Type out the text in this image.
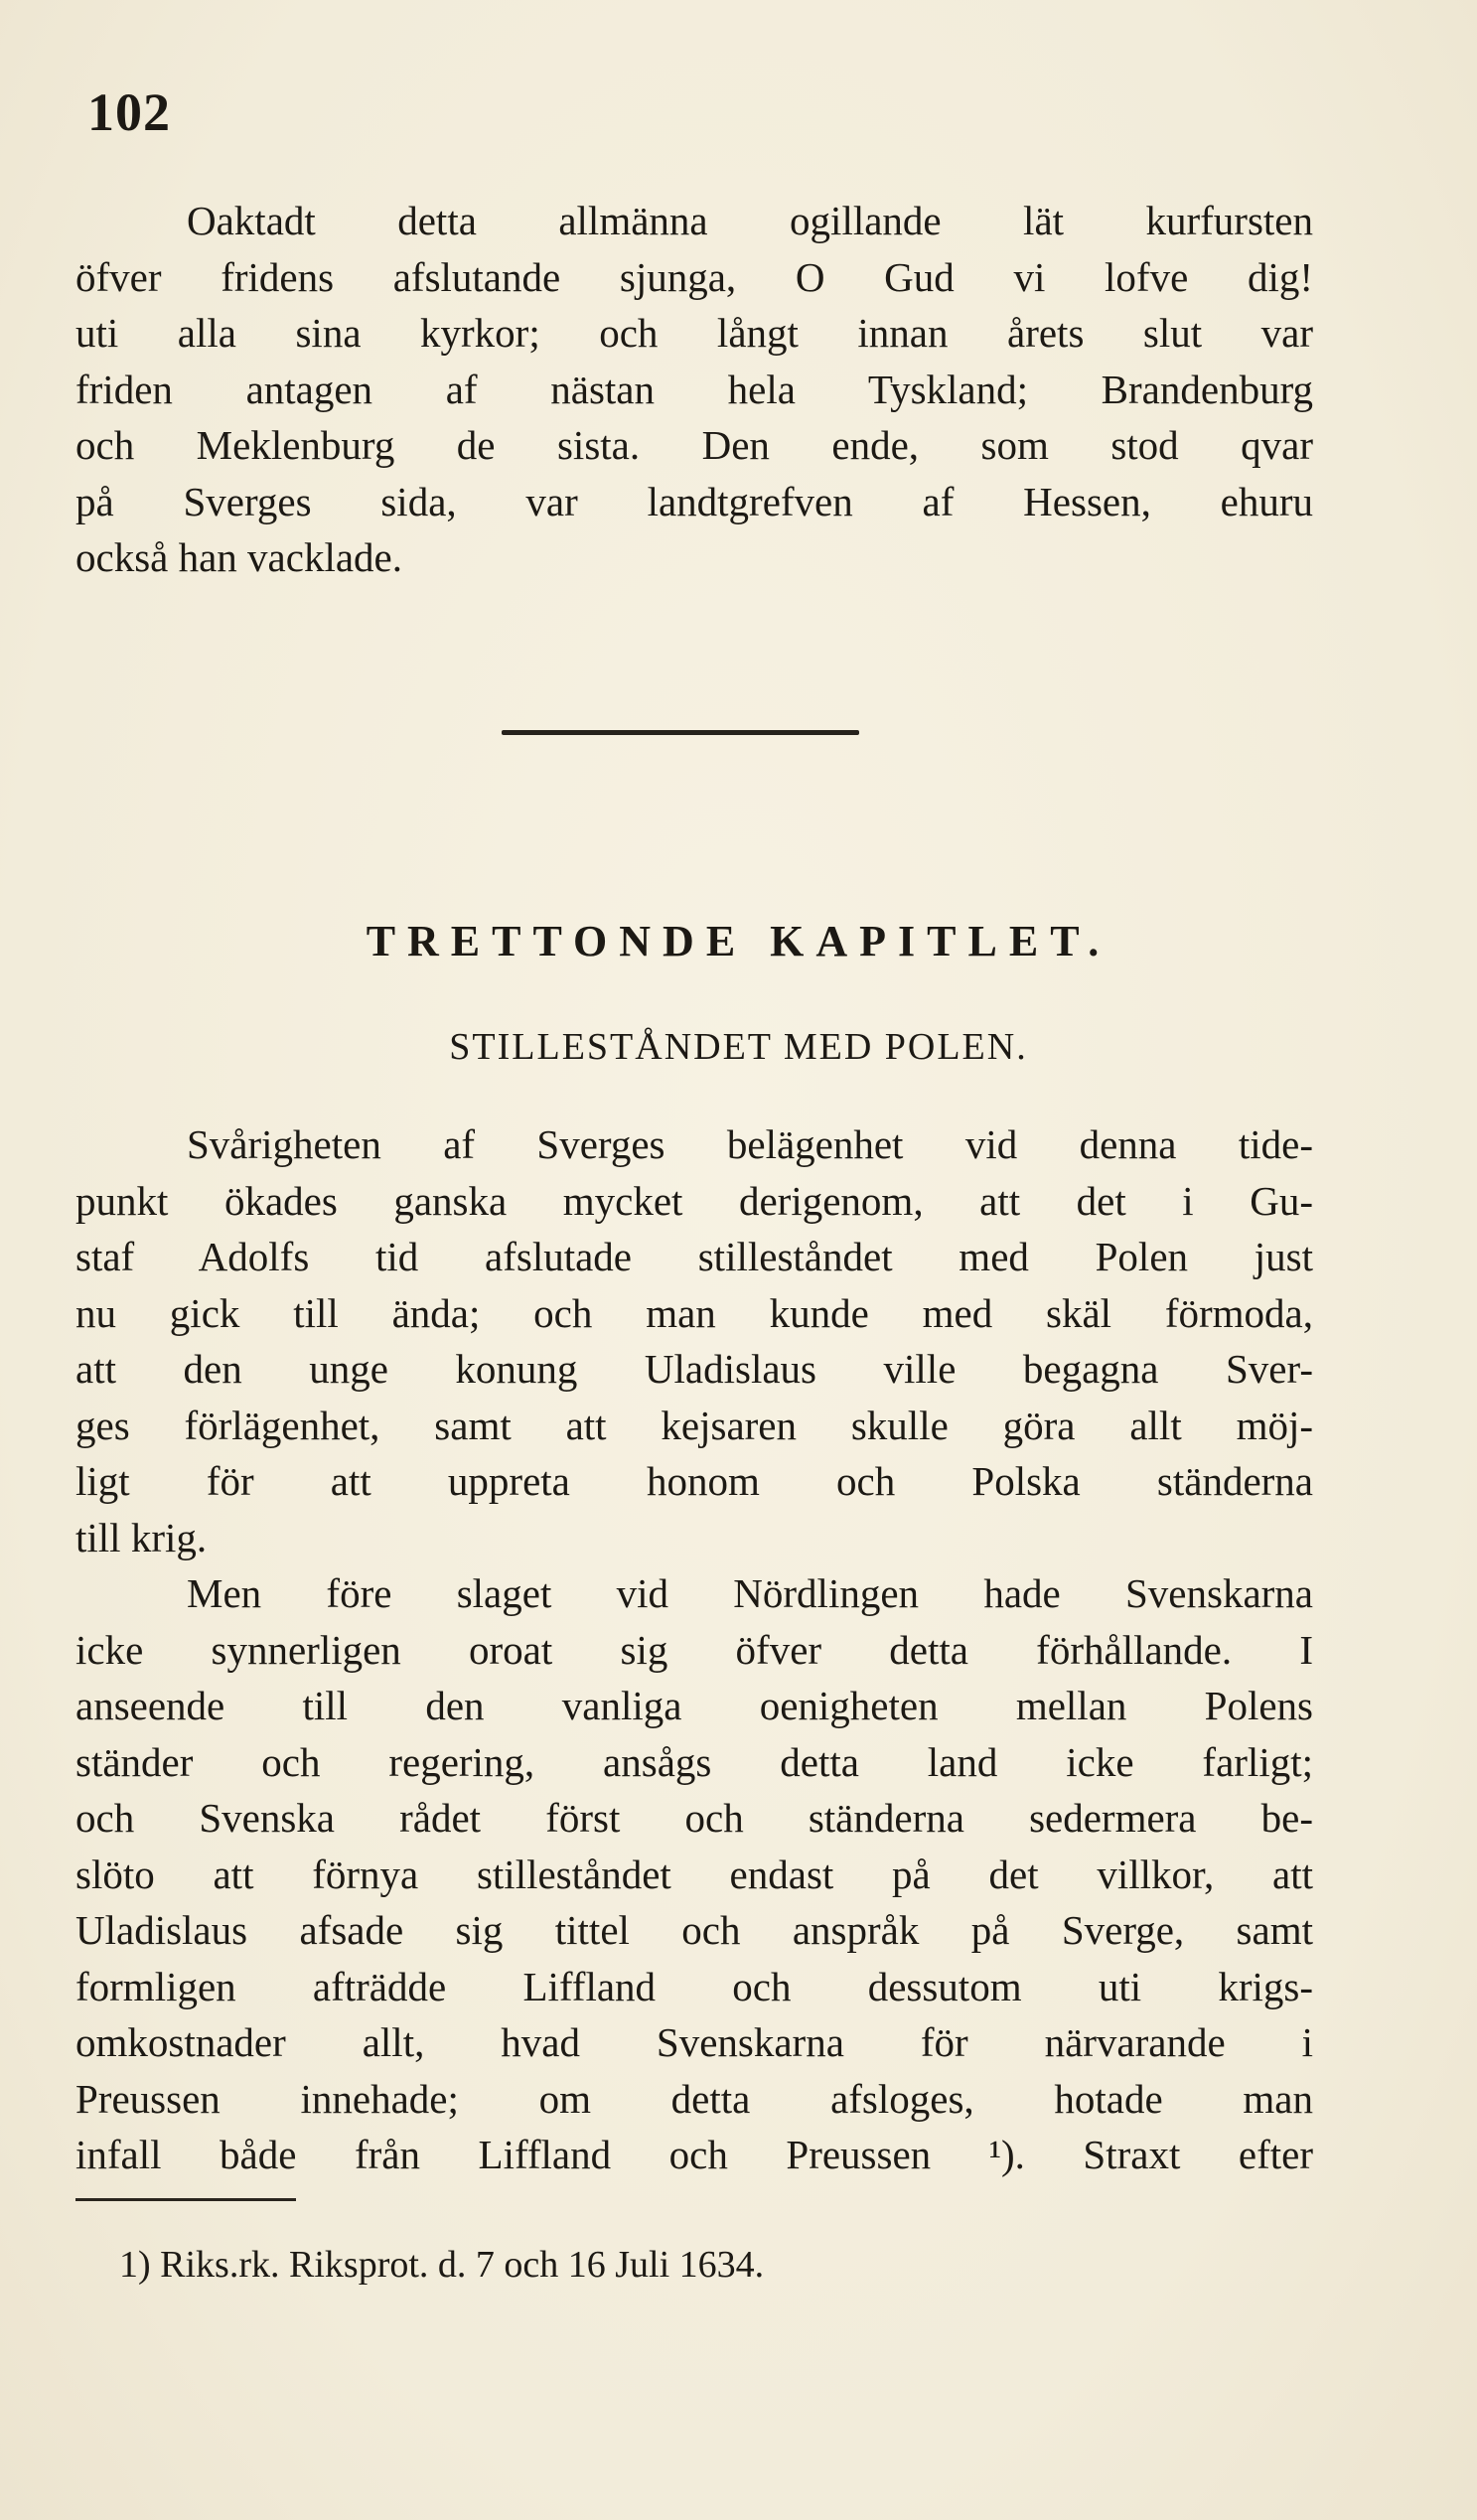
102
Oaktadt detta allmänna ogillande lät kurfursten
öfver fridens afslutande sjunga, O Gud vi lofve dig!
uti alla sina kyrkor; och långt innan årets slut var
friden antagen af nästan hela Tyskland; Brandenburg
och Meklenburg de sista. Den ende, som stod qvar
på Sverges sida, var landtgrefven af Hessen, ehuru
också han vacklade.
TRETTONDE KAPITLET.
STILLESTÅNDET MED POLEN.
Svårigheten af Sverges belägenhet vid denna tide-
punkt ökades ganska mycket derigenom, att det i Gu-
staf Adolfs tid afslutade stilleståndet med Polen just
nu gick till ända; och man kunde med skäl förmoda,
att den unge konung Uladislaus ville begagna Sver-
ges förlägenhet, samt att kejsaren skulle göra allt möj-
ligt för att uppreta honom och Polska ständerna
till krig.
Men före slaget vid Nördlingen hade Svenskarna
icke synnerligen oroat sig öfver detta förhållande. I
anseende till den vanliga oenigheten mellan Polens
ständer och regering, ansågs detta land icke farligt;
och Svenska rådet först och ständerna sedermera be-
slöto att förnya stilleståndet endast på det villkor, att
Uladislaus afsade sig tittel och anspråk på Sverge, samt
formligen afträdde Liffland och dessutom uti krigs-
omkostnader allt, hvad Svenskarna för närvarande i
Preussen innehade; om detta afsloges, hotade man
infall både från Liffland och Preussen ¹). Straxt efter
1) Riks.rk. Riksprot. d. 7 och 16 Juli 1634.
